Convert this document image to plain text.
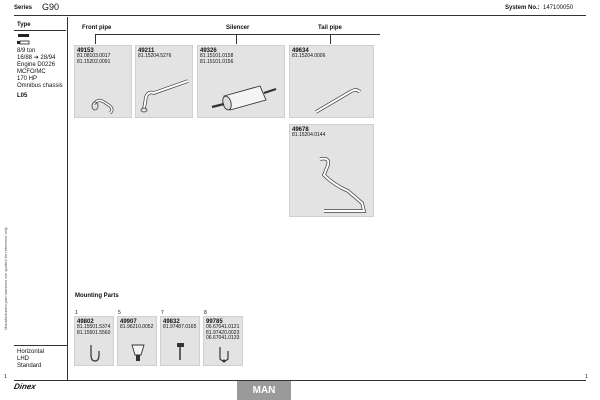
Series G90	System No.: 147100050
Front pipe	Silencer	Tail pipe
Manufacturers part numbers are quoted for reference only
Type
8/9 ton
16/88 ➔ 28/94
Engine D0226
MCFO/MC
170 HP
Omnibus chassis
L05
Horizontal
LHD
Standard
49153
81.08103.0017
81.15202.0091
49211
81.15204.5276
49326
81.15101.0158
81.15101.0156
49634
81.15204.0006
49678
81.15204.0144
Mounting Parts
1
49802
81.15501.5374
81.15501.5560
5
49907
81.96210.0052
7
49832
81.97487.0165
8
99785
06.67041.0121
81.97420.0023
06.67041.0133
1	1
Dinex	MAN
